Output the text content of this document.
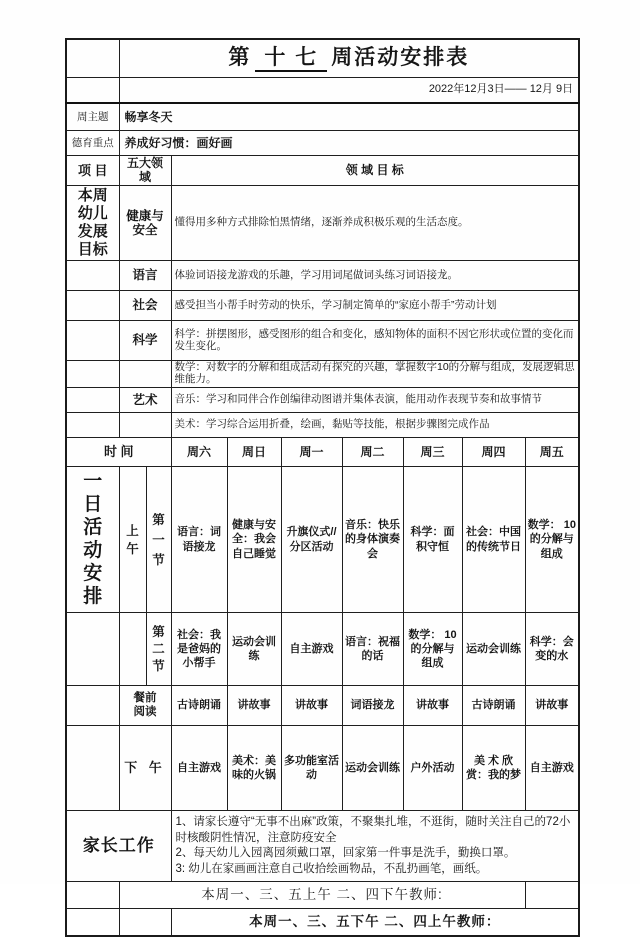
	第 十 七 周活动安排表								
	2022年12月3日—— 12月 9日								
周主题	畅享冬天								
德育重点	养成好习惯：画好画								
项 目	五大领域		领 域 目 标						
本周幼儿发展目标	健康与安全		懂得用多种方式排除怕黑情绪，逐渐养成积极乐观的生活态度。						
	语言		体验词语接龙游戏的乐趣，学习用词尾做词头练习词语接龙。						
	社会		感受担当小帮手时劳动的快乐，学习制定简单的“家庭小帮手”劳动计划						
	科学		科学：拼摆图形，感受图形的组合和变化，感知物体的面积不因它形状或位置的变化而发生变化。						
			数学：对数字的分解和组成活动有探究的兴趣，掌握数字10的分解与组成，发展逻辑思维能力。						
	艺术		音乐：学习和同伴合作创编律动图谱并集体表演，能用动作表现节奏和故事情节						
			美术：学习综合运用折叠，绘画，黏贴等技能，根据步骤图完成作品						
时 间			周六	周日	周一	周二	周三	周四	周五
一日活动安排	上午	第一节	语言：词语接龙	健康与安全：我会自己睡觉	升旗仪式//分区活动	音乐：快乐的身体演奏会	科学：面积守恒	社会：中国的传统节日	数学： 10的分解与组成
		第二节	社会：我是爸妈的小帮手	运动会训练	自主游戏	语言：祝福的话	数学： 10的分解与组成	运动会训练	科学：会变的水
	餐前阅读		古诗朗诵	讲故事	讲故事	词语接龙	讲故事	古诗朗诵	讲故事
	下 午		自主游戏	美术：美味的火锅	多功能室活动	运动会训练	户外活动	美 术 欣赏：我的梦	自主游戏
家长工作			1、请家长遵守“无事不出麻”政策，不聚集扎堆，不逛街，随时关注自己的72小时核酸阴性情况，注意防疫安全
2、每天幼儿入园离园须戴口罩，回家第一件事是洗手，勤换口罩。
3: 幼儿在家画画注意自己收拾绘画物品，不乱扔画笔，画纸。						

	本周一、三、五上午 二、四下午教师:								
			本周一、三、五下午 二、四上午教师：						
